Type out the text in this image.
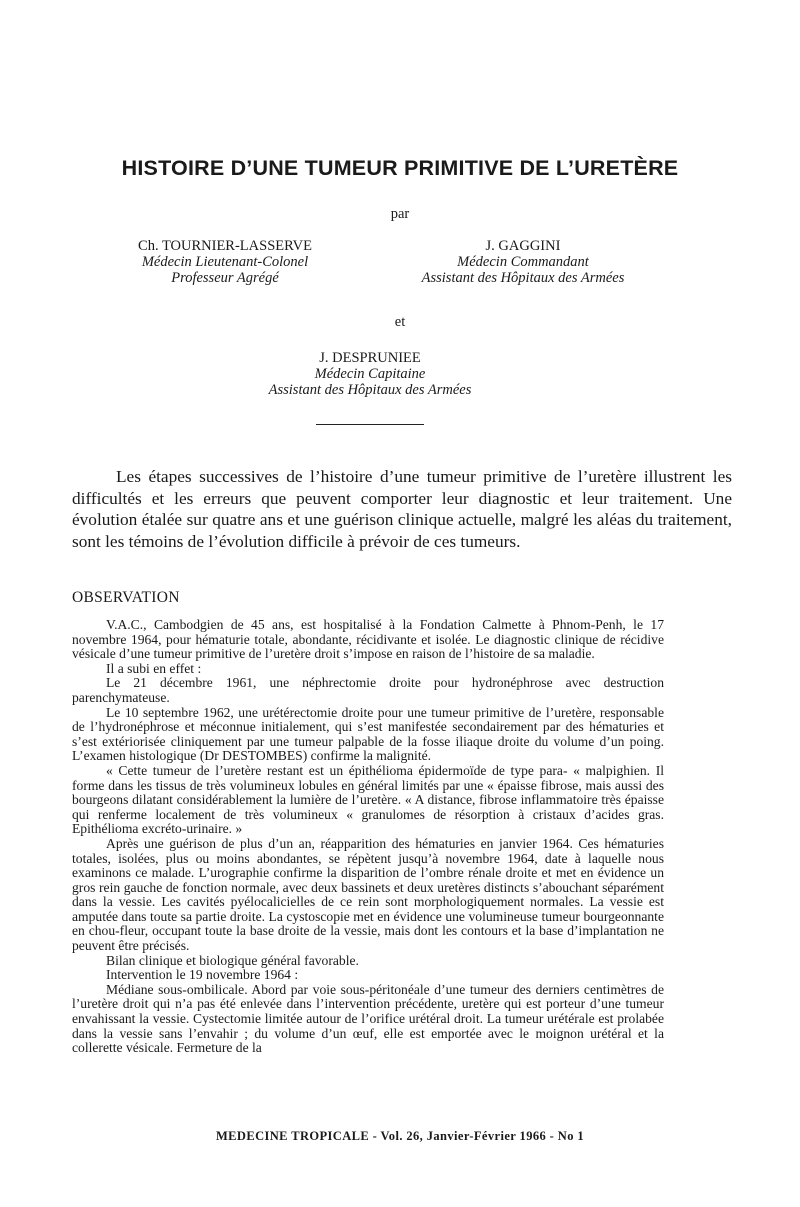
HISTOIRE D’UNE TUMEUR PRIMITIVE DE L’URETÈRE
par
Ch. TOURNIER-LASSERVE
Médecin Lieutenant-Colonel
Professeur Agrégé
J. GAGGINI
Médecin Commandant
Assistant des Hôpitaux des Armées
et
J. DESPRUNIEE
Médecin Capitaine
Assistant des Hôpitaux des Armées

Les étapes successives de l’histoire d’une tumeur primitive de l’uretère illustrent les difficultés et les erreurs que peuvent comporter leur diagnostic et leur traitement. Une évolution étalée sur quatre ans et une guérison clinique actuelle, malgré les aléas du traitement, sont les témoins de l’évolution difficile à prévoir de ces tumeurs.

OBSERVATION

V.A.C., Cambodgien de 45 ans, est hospitalisé à la Fondation Calmette à Phnom-Penh, le 17 novembre 1964, pour hématurie totale, abondante, récidivante et isolée. Le diagnostic clinique de récidive vésicale d’une tumeur primitive de l’uretère droit s’impose en raison de l’histoire de sa maladie.

Il a subi en effet :

Le 21 décembre 1961, une néphrectomie droite pour hydronéphrose avec destruction parenchymateuse.

Le 10 septembre 1962, une urétérectomie droite pour une tumeur primitive de l’uretère, responsable de l’hydronéphrose et méconnue initialement, qui s’est manifestée secondairement par des hématuries et s’est extériorisée cliniquement par une tumeur palpable de la fosse iliaque droite du volume d’un poing. L’examen histologique (Dr DESTOMBES) confirme la malignité.

« Cette tumeur de l’uretère restant est un épithélioma épidermoïde de type para- « malpighien. Il forme dans les tissus de très volumineux lobules en général limités par une « épaisse fibrose, mais aussi des bourgeons dilatant considérablement la lumière de l’uretère. « A distance, fibrose inflammatoire très épaisse qui renferme localement de très volumineux « granulomes de résorption à cristaux d’acides gras. Epithélioma excréto-urinaire. »

Après une guérison de plus d’un an, réapparition des hématuries en janvier 1964. Ces hématuries totales, isolées, plus ou moins abondantes, se répètent jusqu’à novembre 1964, date à laquelle nous examinons ce malade. L’urographie confirme la disparition de l’ombre rénale droite et met en évidence un gros rein gauche de fonction normale, avec deux bassinets et deux uretères distincts s’abouchant séparément dans la vessie. Les cavités pyélocalicielles de ce rein sont morphologiquement normales. La vessie est amputée dans toute sa partie droite. La cystoscopie met en évidence une volumineuse tumeur bourgeonnante en chou-fleur, occupant toute la base droite de la vessie, mais dont les contours et la base d’implantation ne peuvent être précisés.

Bilan clinique et biologique général favorable.

Intervention le 19 novembre 1964 :

Médiane sous-ombilicale. Abord par voie sous-péritonéale d’une tumeur des derniers centimètres de l’uretère droit qui n’a pas été enlevée dans l’intervention précédente, uretère qui est porteur d’une tumeur envahissant la vessie. Cystectomie limitée autour de l’orifice urétéral droit. La tumeur urétérale est prolabée dans la vessie sans l’envahir ; du volume d’un œuf, elle est emportée avec le moignon urétéral et la collerette vésicale. Fermeture de la

MEDECINE TROPICALE - Vol. 26, Janvier-Février 1966 - No 1
